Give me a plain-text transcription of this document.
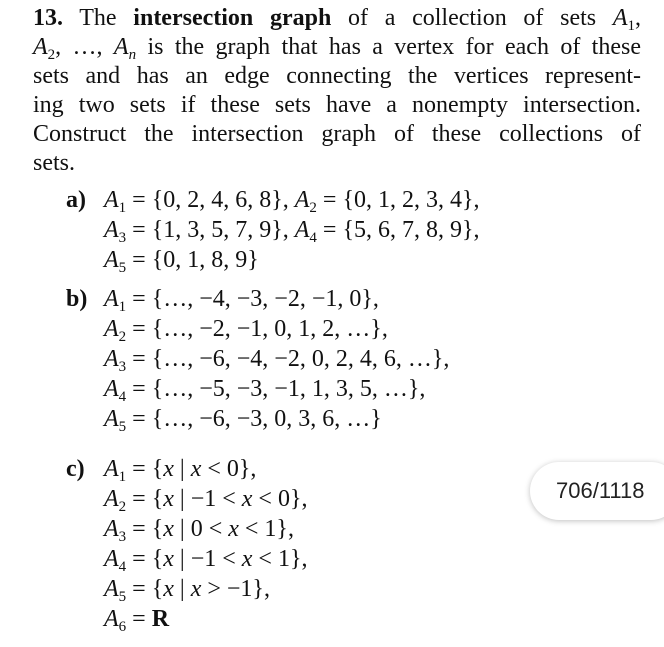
13. The intersection graph of a collection of sets $A_1$,
$A_2$, …, $A_n$ is the graph that has a vertex for each of these
sets and has an edge connecting the vertices represent-
ing two sets if these sets have a nonempty intersection.
Construct the intersection graph of these collections of
sets.
a) $A_1 = \{0$, 2, 4, 6, 8}, $A_2 = \{0$, 1, 2, 3, 4},
$A_3 = \{1$, 3, 5, 7, 9}, $A_4 = \{5$, 6, 7, 8, 9},
$A_5 = \{0$, 1, 8, 9}
b) $A_1$ = {…, −4, −3, −2, −1, 0},
$A_2$ = {…, −2, −1, 0, 1, 2, …},
$A_3$ = {…, −6, −4, −2, 0, 2, 4, 6, …},
$A_4$ = {…, −5, −3, −1, 1, 3, 5, …},
$A_5$ = {…, −6, −3, 0, 3, 6, …}
c) $A_1 = \{x$ | x < 0},
$A_2 = \{x$ | −1 < x < 0},
$A_3 = \{x$ | 0 < x < 1},
$A_4 = \{x$ | −1 < x < 1},
$A_5 = \{x$ | x > −1},
$A_6 = R$
706/1118
